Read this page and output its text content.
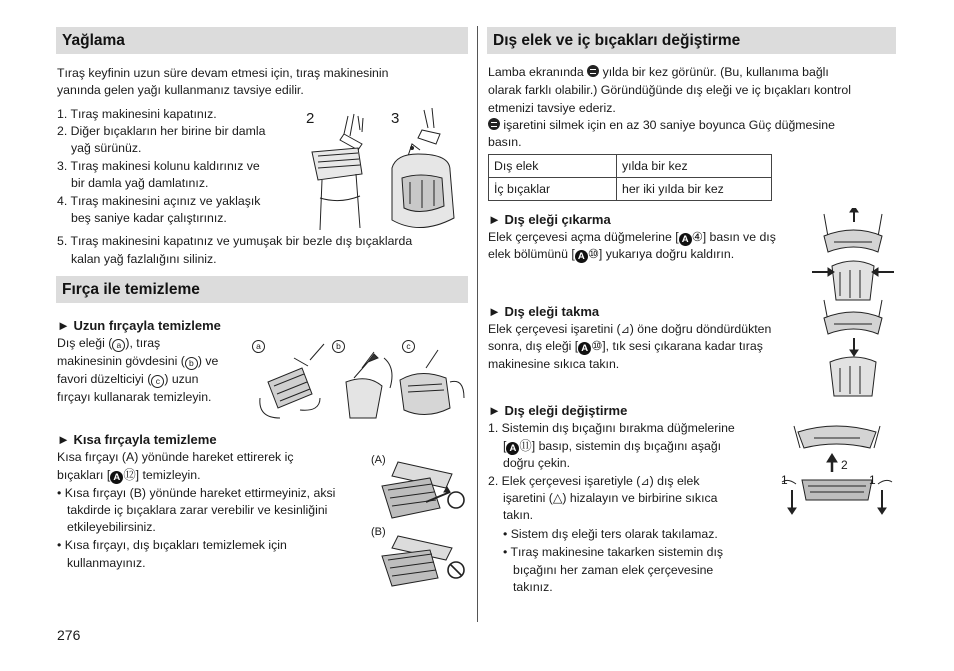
Yağlama
Tıraş keyfinin uzun süre devam etmesi için, tıraş makinesinin
yanında gelen yağı kullanmanız tavsiye edilir.
1. Tıraş makinesini kapatınız.
2. Diğer bıçakların her birine bir damla
yağ sürünüz.
3. Tıraş makinesi kolunu kaldırınız ve
bir damla yağ damlatınız.
4. Tıraş makinesini açınız ve yaklaşık
beş saniye kadar çalıştırınız.
5. Tıraş makinesini kapatınız ve yumuşak bir bezle dış bıçaklarda
kalan yağ fazlalığını siliniz.
2	3
Fırça ile temizleme
► Uzun fırçayla temizleme
Dış eleği ( a ), tıraş
makinesinin gövdesini ( b ) ve
favori düzelticiyi ( c ) uzun
fırçayı kullanarak temizleyin.
a	b	c
► Kısa fırçayla temizleme
Kısa fırçayı (A) yönünde hareket ettirerek iç
bıçakları [ A ⑫] temizleyin.
• Kısa fırçayı (B) yönünde hareket ettirmeyiniz, aksi
takdirde iç bıçaklara zarar verebilir ve kesinliğini
etkileyebilirsiniz.
• Kısa fırçayı, dış bıçakları temizlemek için
kullanmayınız.
(A)
(B)
276
Dış elek ve iç bıçakları değiştirme
Lamba ekranında yılda bir kez görünür. (Bu, kullanıma bağlı
olarak farklı olabilir.) Göründüğünde dış eleği ve iç bıçakları kontrol
etmenizi tavsiye ederiz.
işaretini silmek için en az 30 saniye boyunca Güç düğmesine
basın.
Dış elek	yılda bir kez
İç bıçaklar	her iki yılda bir kez
► Dış eleği çıkarma
Elek çerçevesi açma düğmelerine [ A ④] basın ve dış
elek bölümünü [ A ⑩] yukarıya doğru kaldırın.
► Dış eleği takma
Elek çerçevesi işaretini (⊿) öne doğru döndürdükten
sonra, dış eleği [ A ⑩], tık sesi çıkarana kadar tıraş
makinesine sıkıca takın.
► Dış eleği değiştirme
1. Sistemin dış bıçağını bırakma düğmelerine
[ A ⑪] basıp, sistemin dış bıçağını aşağı
doğru çekin.
2. Elek çerçevesi işaretiyle (⊿) dış elek
işaretini (△) hizalayın ve birbirine sıkıca
takın.
• Sistem dış eleği ters olarak takılamaz.
• Tıraş makinesine takarken sistemin dış
bıçağını her zaman elek çerçevesine
takınız.
2
1	1
